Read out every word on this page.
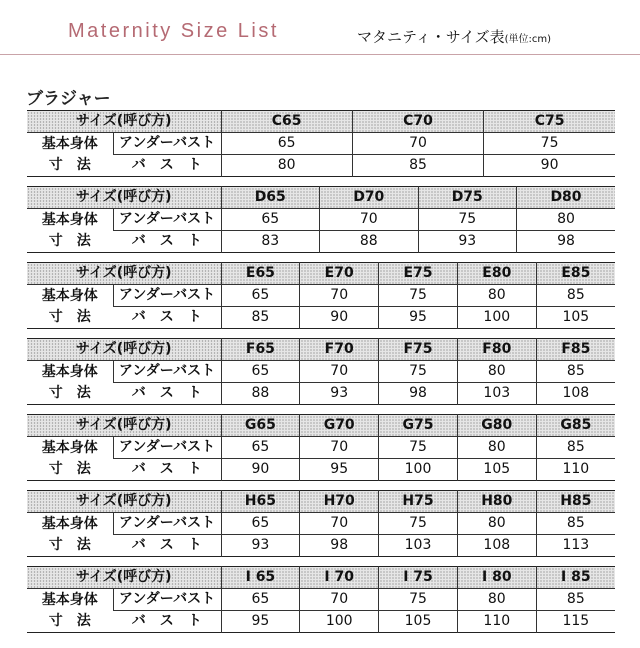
Maternity Size List	マタニティ・サイズ表(単位:cm)
ブラジャー
サイズ(呼び方)		C65	C70	C75

基本身体
寸　法	アンダーバスト	65	70	75
	バ　ス　ト	80	85	90
サイズ(呼び方)		D65	D70	D75	D80

基本身体
寸　法	アンダーバスト	65	70	75	80
	バ　ス　ト	83	88	93	98
サイズ(呼び方)		E65	E70	E75	E80	E85

基本身体
寸　法	アンダーバスト	65	70	75	80	85
	バ　ス　ト	85	90	95	100	105
サイズ(呼び方)		F65	F70	F75	F80	F85

基本身体
寸　法	アンダーバスト	65	70	75	80	85
	バ　ス　ト	88	93	98	103	108
サイズ(呼び方)		G65	G70	G75	G80	G85

基本身体
寸　法	アンダーバスト	65	70	75	80	85
	バ　ス　ト	90	95	100	105	110
サイズ(呼び方)		H65	H70	H75	H80	H85

基本身体
寸　法	アンダーバスト	65	70	75	80	85
	バ　ス　ト	93	98	103	108	113
サイズ(呼び方)		I 65	I 70	I 75	I 80	I 85

基本身体
寸　法	アンダーバスト	65	70	75	80	85
	バ　ス　ト	95	100	105	110	115
